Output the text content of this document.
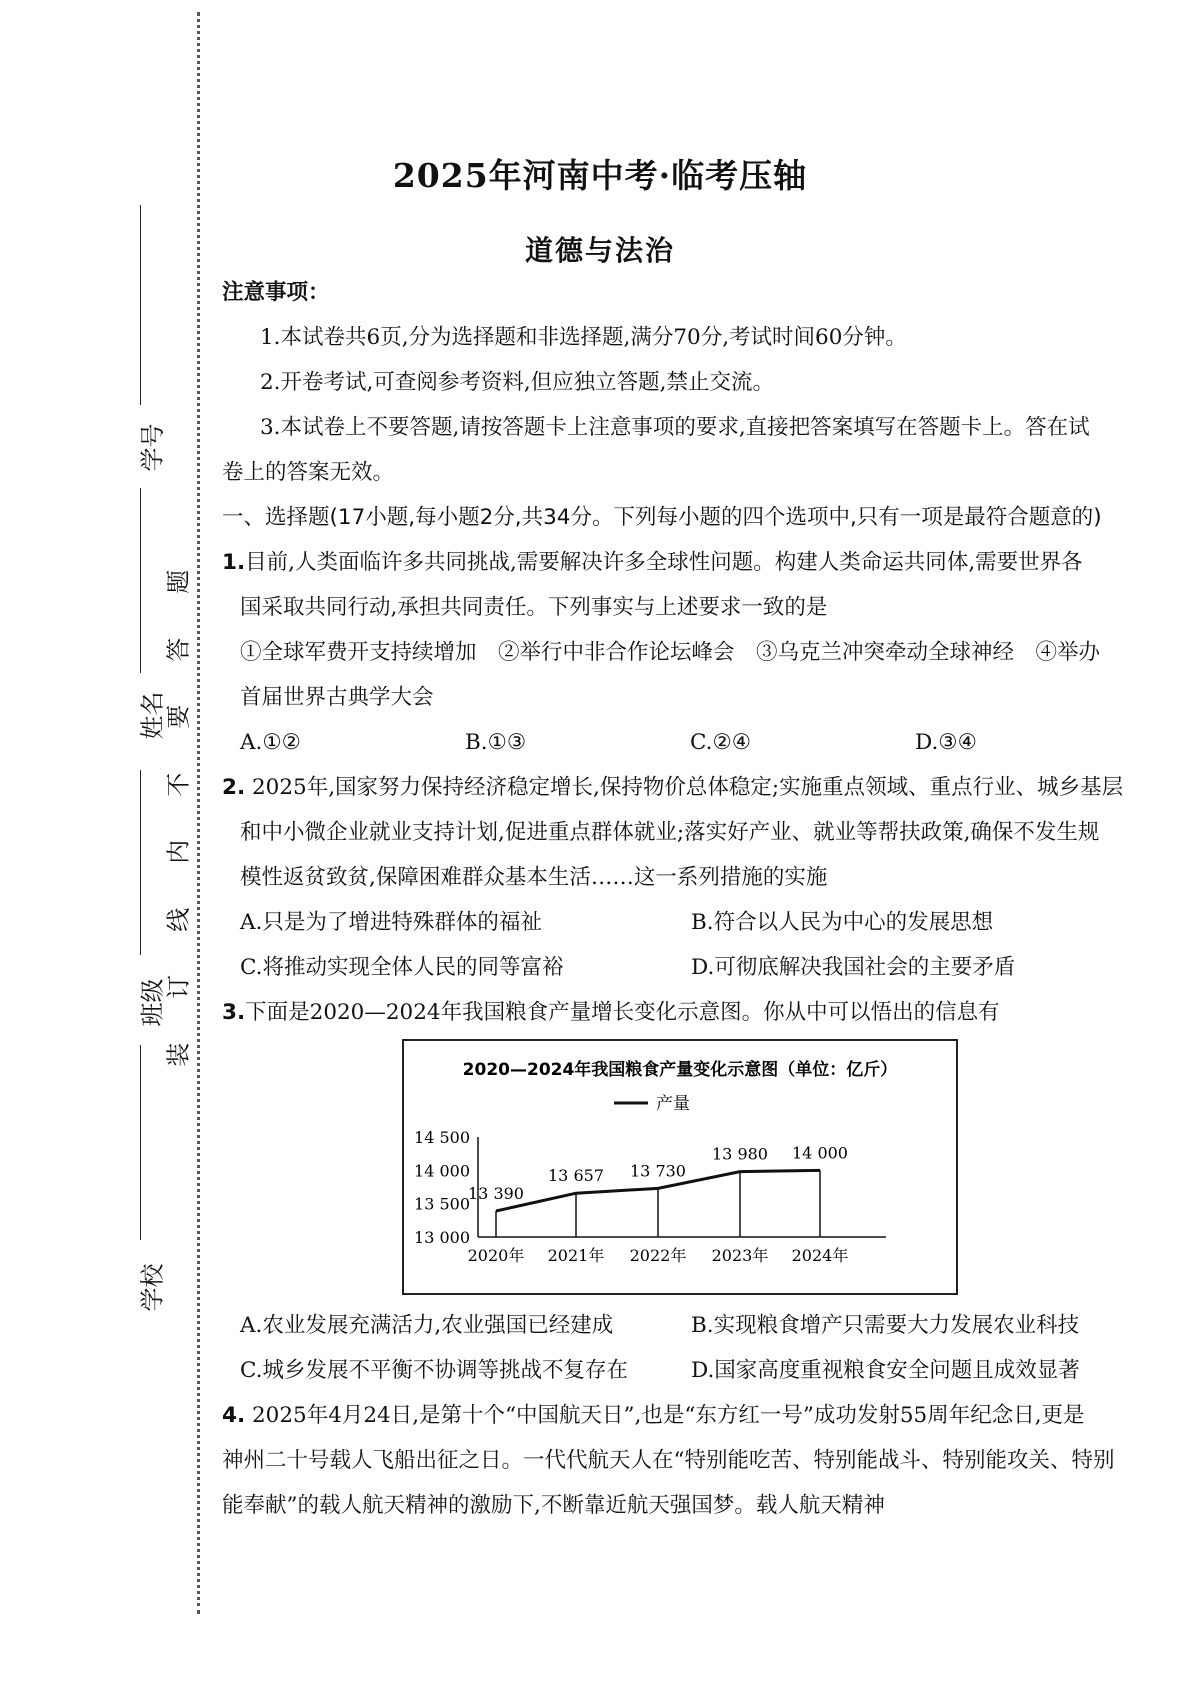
学号
姓名
班级
学校
题
答
要
不
内
线
订
装
2025年河南中考·临考压轴
道德与法治
注意事项：
1.本试卷共6页,分为选择题和非选择题,满分70分,考试时间60分钟。
2.开卷考试,可查阅参考资料,但应独立答题,禁止交流。
3.本试卷上不要答题,请按答题卡上注意事项的要求,直接把答案填写在答题卡上。答在试
卷上的答案无效。
一、选择题(17小题,每小题2分,共34分。下列每小题的四个选项中,只有一项是最符合题意的)
1.目前,人类面临许多共同挑战,需要解决许多全球性问题。构建人类命运共同体,需要世界各
国采取共同行动,承担共同责任。下列事实与上述要求一致的是
①全球军费开支持续增加　②举行中非合作论坛峰会　③乌克兰冲突牵动全球神经　④举办
首届世界古典学大会
A.①②	B.①③	C.②④	D.③④
2. 2025年,国家努力保持经济稳定增长,保持物价总体稳定;实施重点领域、重点行业、城乡基层
和中小微企业就业支持计划,促进重点群体就业;落实好产业、就业等帮扶政策,确保不发生规
模性返贫致贫,保障困难群众基本生活……这一系列措施的实施
A.只是为了增进特殊群体的福祉	B.符合以人民为中心的发展思想
C.将推动实现全体人民的同等富裕	D.可彻底解决我国社会的主要矛盾
3.下面是2020—2024年我国粮食产量增长变化示意图。你从中可以悟出的信息有
2020—2024年我国粮食产量变化示意图（单位：亿斤）
产量
14 500
14 000
13 500
13 000
13 390
13 657 13 730
13 980 14 000
2020年 2021年 2022年 2023年 2024年
A.农业发展充满活力,农业强国已经建成	B.实现粮食增产只需要大力发展农业科技
C.城乡发展不平衡不协调等挑战不复存在	D.国家高度重视粮食安全问题且成效显著
4. 2025年4月24日,是第十个“中国航天日”,也是“东方红一号”成功发射55周年纪念日,更是
神州二十号载人飞船出征之日。一代代航天人在“特别能吃苦、特别能战斗、特别能攻关、特别
能奉献”的载人航天精神的激励下,不断靠近航天强国梦。载人航天精神
